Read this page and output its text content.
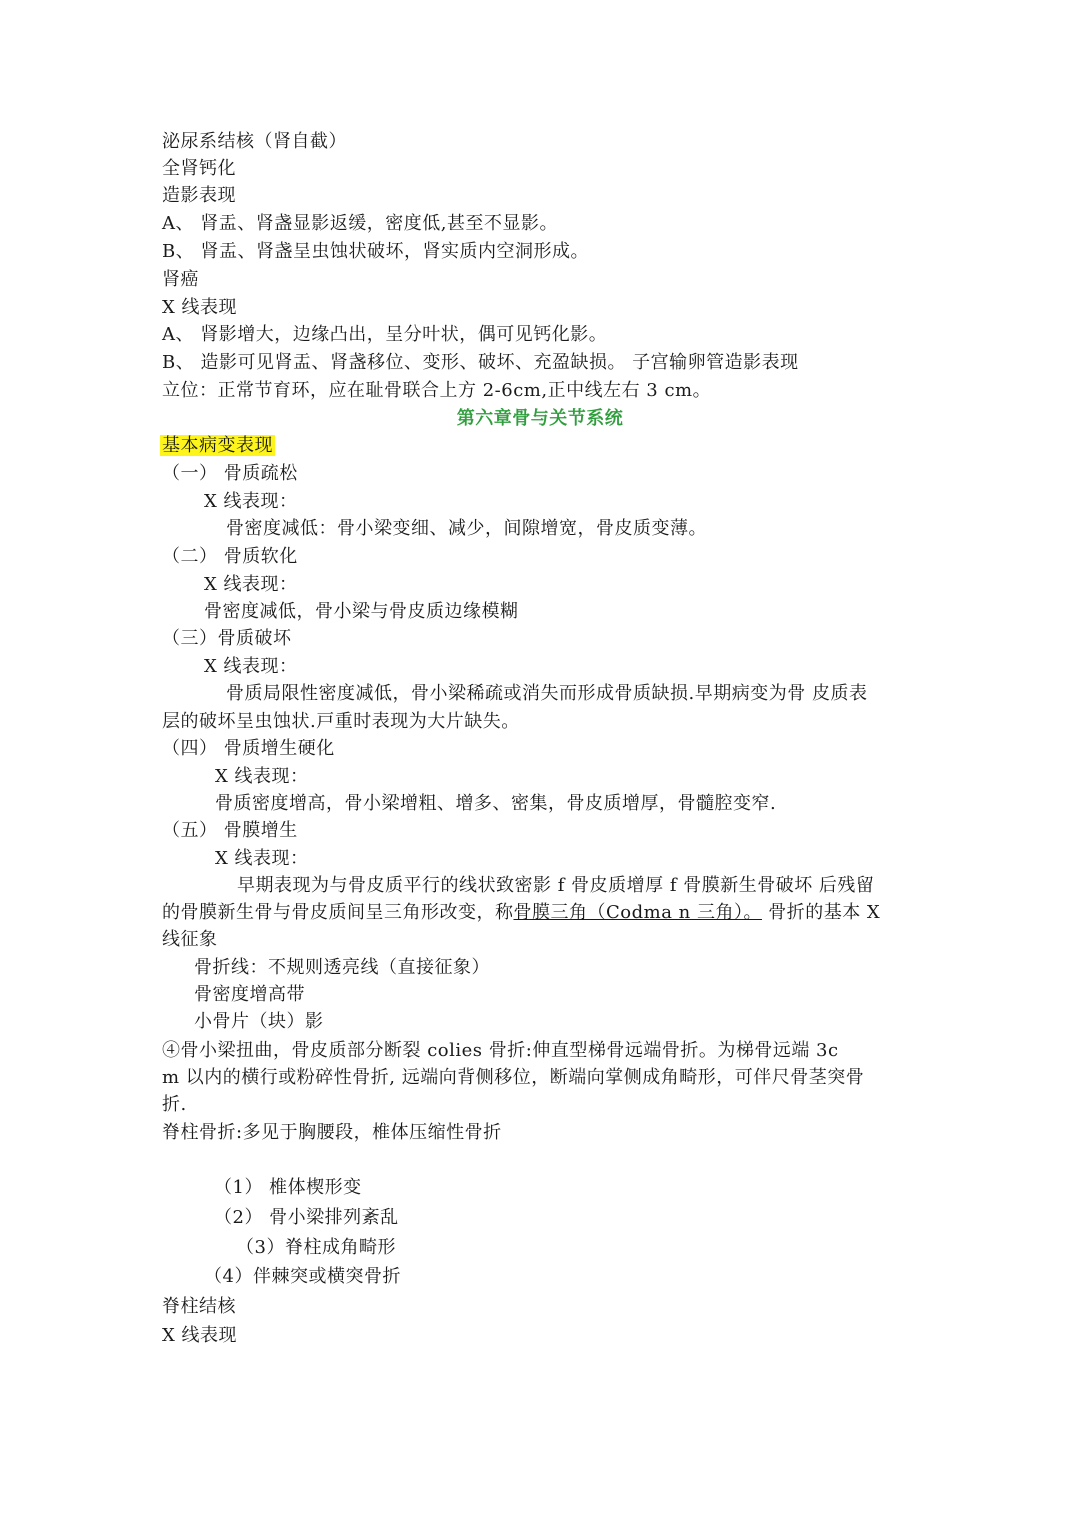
泌尿系结核（肾自截）
全肾钙化
造影表现
A、 肾盂、肾盏显影返缓，密度低,甚至不显影。
B、 肾盂、肾盏呈虫蚀状破坏，肾实质内空洞形成。
肾癌
X 线表现
A、 肾影增大，边缘凸出，呈分叶状，偶可见钙化影。
B、 造影可见肾盂、肾盏移位、变形、破坏、充盈缺损。 子宫输卵管造影表现
立位：正常节育环，应在耻骨联合上方 2-6cm,正中线左右 3 cm。
第六章骨与关节系统
基本病变表现
（一） 骨质疏松
X 线表现：
骨密度减低：骨小梁变细、减少，间隙增宽，骨皮质变薄。
（二） 骨质软化
X 线表现：
骨密度减低，骨小梁与骨皮质边缘模糊
（三）骨质破坏
X 线表现：
骨质局限性密度减低，骨小梁稀疏或消失而形成骨质缺损.早期病变为骨 皮质表
层的破坏呈虫蚀状.戸重时表现为大片缺失。
（四） 骨质增生硬化
X 线表现：
骨质密度增高，骨小梁增粗、增多、密集，骨皮质增厚，骨髓腔变窄.
（五） 骨膜增生
X 线表现：
早期表现为与骨皮质平行的线状致密影 f 骨皮质增厚 f 骨膜新生骨破坏 后残留
的骨膜新生骨与骨皮质间呈三角形改变，称骨膜三角（Codma n 三角）。 骨折的基本 X
线征象
骨折线：不规则透亮线（直接征象）
骨密度增高带
小骨片（块）影
④骨小梁扭曲，骨皮质部分断裂 colies 骨折:伸直型梯骨远端骨折。为梯骨远端 3c
m 以内的横行或粉碎性骨折, 远端向背侧移位，断端向掌侧成角畸形，可伴尺骨茎突骨
折.
脊柱骨折:多见于胸腰段，椎体压缩性骨折
（1） 椎体楔形变
（2） 骨小梁排列紊乱
（3）脊柱成角畸形
（4）伴棘突或横突骨折
脊柱结核
X 线表现
